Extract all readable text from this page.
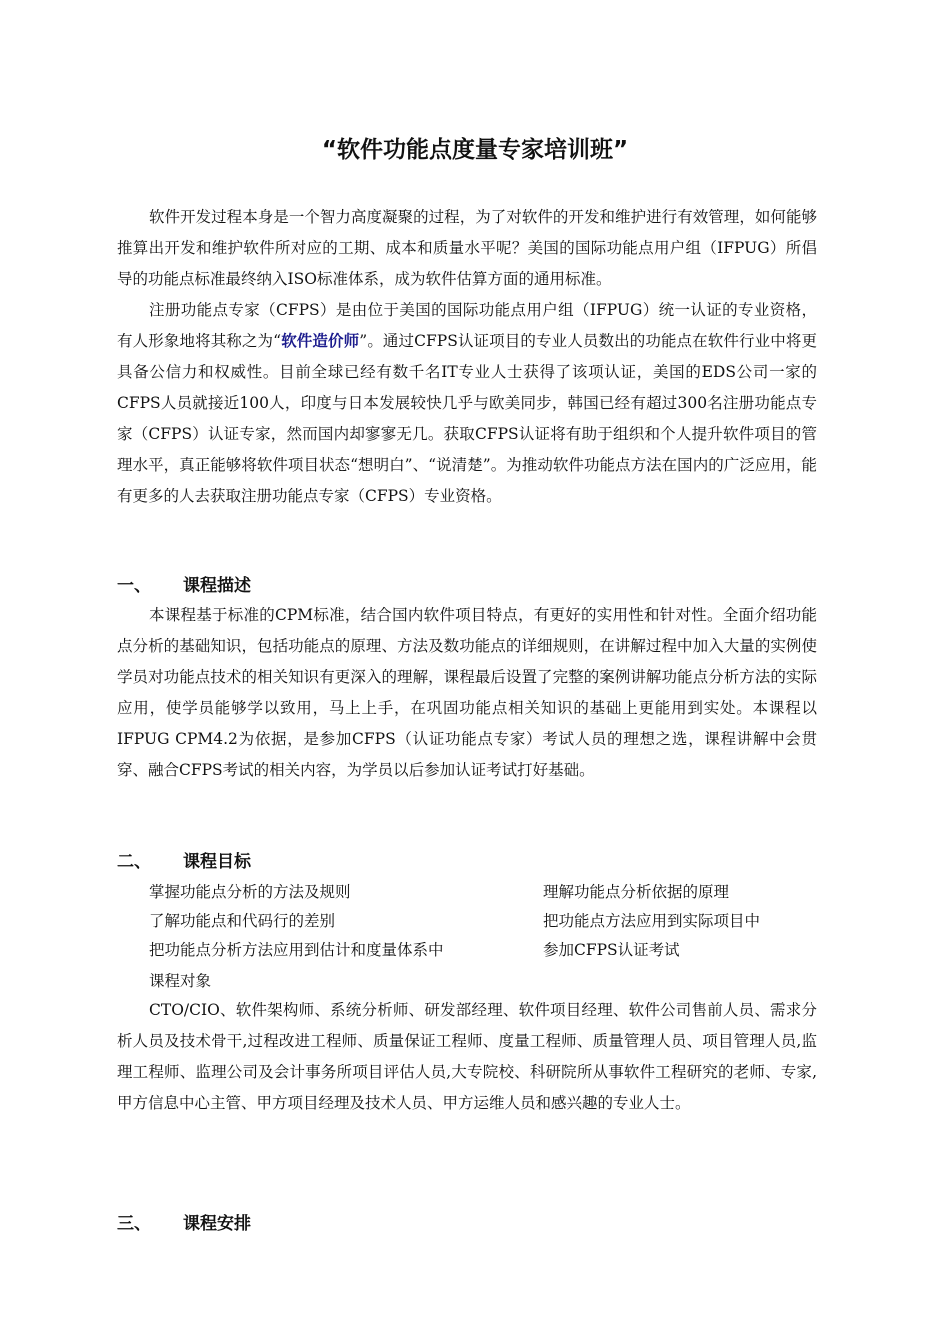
“软件功能点度量专家培训班”

软件开发过程本身是一个智力高度凝聚的过程，为了对软件的开发和维护进行有效管理，如何能够推算出开发和维护软件所对应的工期、成本和质量水平呢？美国的国际功能点用户组（IFPUG）所倡导的功能点标准最终纳入ISO标准体系，成为软件估算方面的通用标准。

注册功能点专家（CFPS）是由位于美国的国际功能点用户组（IFPUG）统一认证的专业资格，有人形象地将其称之为“软件造价师”。通过CFPS认证项目的专业人员数出的功能点在软件行业中将更具备公信力和权威性。目前全球已经有数千名IT专业人士获得了该项认证，美国的EDS公司一家的CFPS人员就接近100人，印度与日本发展较快几乎与欧美同步，韩国已经有超过300名注册功能点专家（CFPS）认证专家，然而国内却寥寥无几。获取CFPS认证将有助于组织和个人提升软件项目的管理水平，真正能够将软件项目状态“想明白”、“说清楚”。为推动软件功能点方法在国内的广泛应用，能有更多的人去获取注册功能点专家（CFPS）专业资格。

一、 课程描述

本课程基于标准的CPM标准，结合国内软件项目特点，有更好的实用性和针对性。全面介绍功能点分析的基础知识，包括功能点的原理、方法及数功能点的详细规则，在讲解过程中加入大量的实例使学员对功能点技术的相关知识有更深入的理解，课程最后设置了完整的案例讲解功能点分析方法的实际应用，使学员能够学以致用，马上上手，在巩固功能点相关知识的基础上更能用到实处。本课程以IFPUG CPM4.2为依据，是参加CFPS（认证功能点专家）考试人员的理想之选，课程讲解中会贯穿、融合CFPS考试的相关内容，为学员以后参加认证考试打好基础。

二、 课程目标

掌握功能点分析的方法及规则	理解功能点分析依据的原理

了解功能点和代码行的差别	把功能点方法应用到实际项目中

把功能点分析方法应用到估计和度量体系中	参加CFPS认证考试

课程对象

CTO/CIO、软件架构师、系统分析师、研发部经理、软件项目经理、软件公司售前人员、需求分析人员及技术骨干,过程改进工程师、质量保证工程师、度量工程师、质量管理人员、项目管理人员,监理工程师、监理公司及会计事务所项目评估人员,大专院校、科研院所从事软件工程研究的老师、专家, 甲方信息中心主管、甲方项目经理及技术人员、甲方运维人员和感兴趣的专业人士。

三、 课程安排
